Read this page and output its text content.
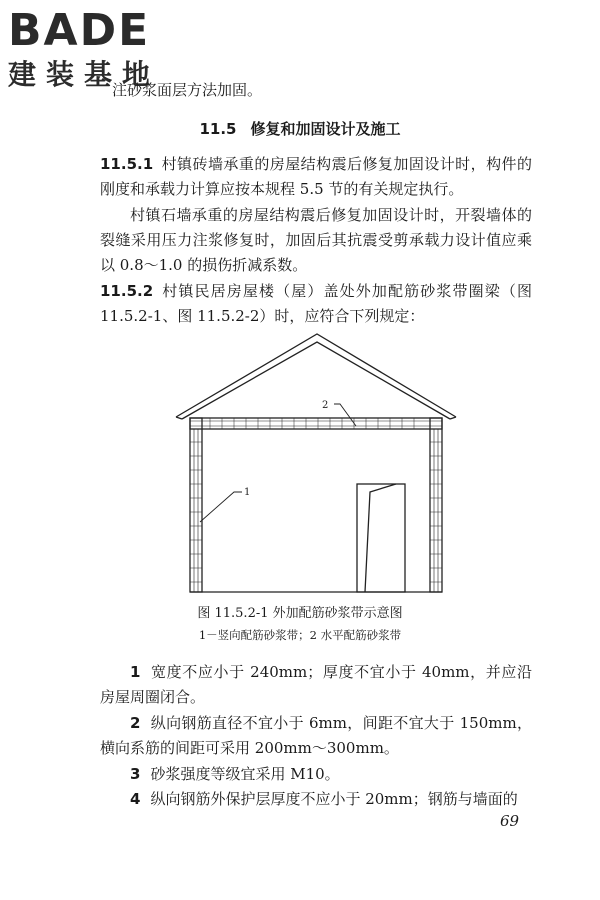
BADE
建装基地
注砂浆面层方法加固。
11.5 修复和加固设计及施工
11.5.1 村镇砖墙承重的房屋结构震后修复加固设计时，构件的刚度和承载力计算应按本规程 5.5 节的有关规定执行。
村镇石墙承重的房屋结构震后修复加固设计时，开裂墙体的裂缝采用压力注浆修复时，加固后其抗震受剪承载力设计值应乘以 0.8～1.0 的损伤折减系数。
11.5.2 村镇民居房屋楼（屋）盖处外加配筋砂浆带圈梁（图 11.5.2-1、图 11.5.2-2）时，应符合下列规定：
2
1
图 11.5.2-1 外加配筋砂浆带示意图
1－竖向配筋砂浆带；2 水平配筋砂浆带
1 宽度不应小于 240mm；厚度不宜小于 40mm，并应沿房屋周圈闭合。
2 纵向钢筋直径不宜小于 6mm，间距不宜大于 150mm，横向系筋的间距可采用 200mm～300mm。
3 砂浆强度等级宜采用 M10。
4 纵向钢筋外保护层厚度不应小于 20mm；钢筋与墙面的
69
